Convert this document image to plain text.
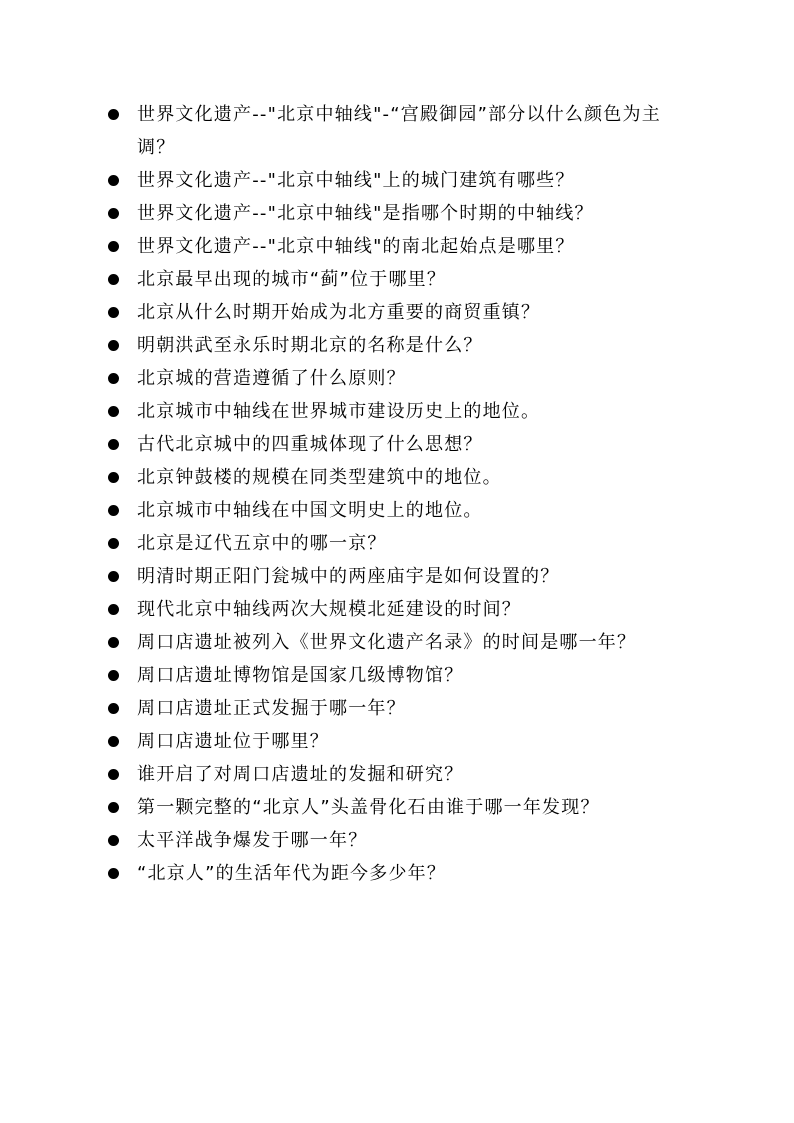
世界文化遗产--"北京中轴线"-“宫殿御园”部分以什么颜色为主调？
世界文化遗产--"北京中轴线"上的城门建筑有哪些？
世界文化遗产--"北京中轴线"是指哪个时期的中轴线？
世界文化遗产--"北京中轴线"的南北起始点是哪里？
北京最早出现的城市“蓟”位于哪里？
北京从什么时期开始成为北方重要的商贸重镇？
明朝洪武至永乐时期北京的名称是什么？
北京城的营造遵循了什么原则？
北京城市中轴线在世界城市建设历史上的地位。
古代北京城中的四重城体现了什么思想？
北京钟鼓楼的规模在同类型建筑中的地位。
北京城市中轴线在中国文明史上的地位。
北京是辽代五京中的哪一京？
明清时期正阳门瓮城中的两座庙宇是如何设置的？
现代北京中轴线两次大规模北延建设的时间？
周口店遗址被列入《世界文化遗产名录》的时间是哪一年？
周口店遗址博物馆是国家几级博物馆？
周口店遗址正式发掘于哪一年？
周口店遗址位于哪里？
谁开启了对周口店遗址的发掘和研究？
第一颗完整的“北京人”头盖骨化石由谁于哪一年发现？
太平洋战争爆发于哪一年？
“北京人”的生活年代为距今多少年？
